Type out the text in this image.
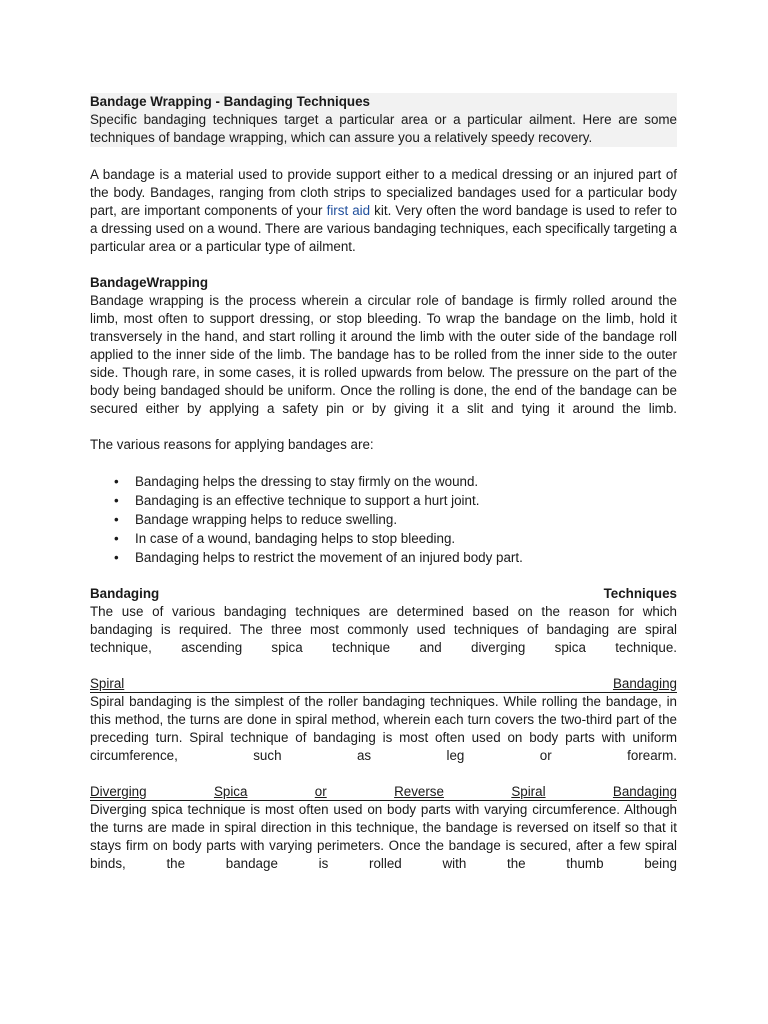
Bandage Wrapping - Bandaging Techniques

Specific bandaging techniques target a particular area or a particular ailment. Here are some techniques of bandage wrapping, which can assure you a relatively speedy recovery.

A bandage is a material used to provide support either to a medical dressing or an injured part of the body. Bandages, ranging from cloth strips to specialized bandages used for a particular body part, are important components of your first aid kit. Very often the word bandage is used to refer to a dressing used on a wound. There are various bandaging techniques, each specifically targeting a particular area or a particular type of ailment.

BandageWrapping

Bandage wrapping is the process wherein a circular role of bandage is firmly rolled around the limb, most often to support dressing, or stop bleeding. To wrap the bandage on the limb, hold it transversely in the hand, and start rolling it around the limb with the outer side of the bandage roll applied to the inner side of the limb. The bandage has to be rolled from the inner side to the outer side. Though rare, in some cases, it is rolled upwards from below. The pressure on the part of the body being bandaged should be uniform. Once the rolling is done, the end of the bandage can be secured either by applying a safety pin or by giving it a slit and tying it around the limb.

The various reasons for applying bandages are:

• Bandaging helps the dressing to stay firmly on the wound.
• Bandaging is an effective technique to support a hurt joint.
• Bandage wrapping helps to reduce swelling.
• In case of a wound, bandaging helps to stop bleeding.
• Bandaging helps to restrict the movement of an injured body part.
Bandaging	Techniques

The use of various bandaging techniques are determined based on the reason for which bandaging is required. The three most commonly used techniques of bandaging are spiral technique, ascending spica technique and diverging spica technique.

Spiral	Bandaging

Spiral bandaging is the simplest of the roller bandaging techniques. While rolling the bandage, in this method, the turns are done in spiral method, wherein each turn covers the two-third part of the preceding turn. Spiral technique of bandaging is most often used on body parts with uniform circumference, such as leg or forearm.

Diverging	Spica	or	Reverse	Spiral	Bandaging

Diverging spica technique is most often used on body parts with varying circumference. Although the turns are made in spiral direction in this technique, the bandage is reversed on itself so that it stays firm on body parts with varying perimeters. Once the bandage is secured, after a few spiral binds, the bandage is rolled with the thumb being
